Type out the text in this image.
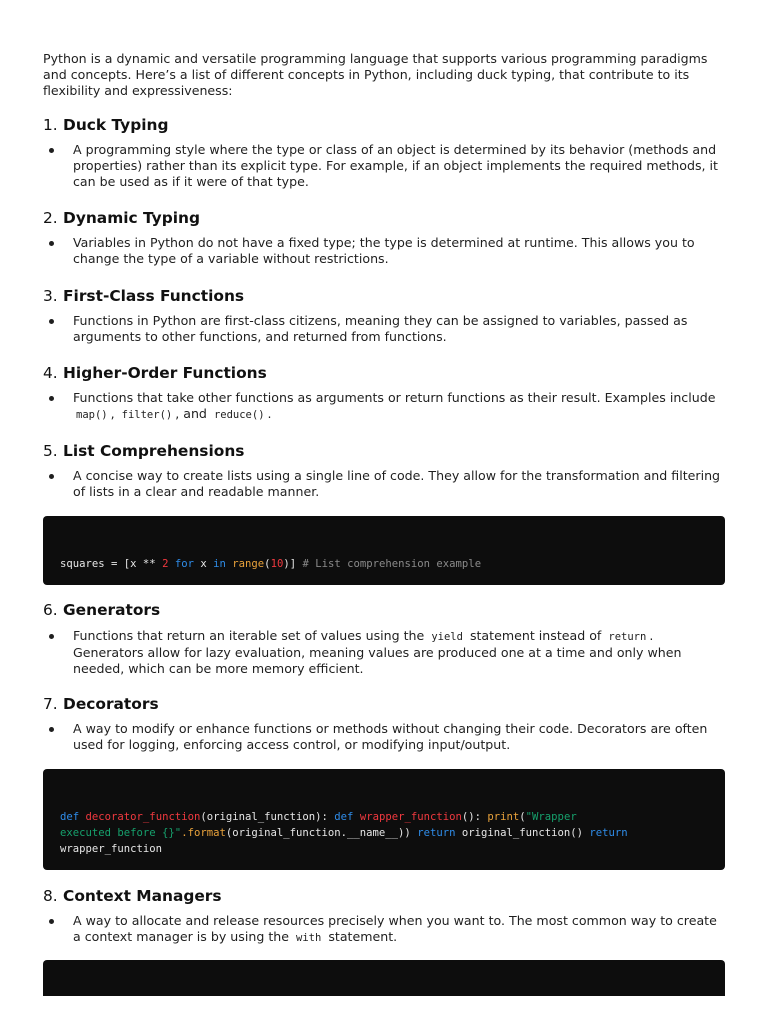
Python is a dynamic and versatile programming language that supports various programming paradigms and concepts. Here’s a list of different concepts in Python, including duck typing, that contribute to its flexibility and expressiveness:

1. Duck Typing
A programming style where the type or class of an object is determined by its behavior (methods and properties) rather than its explicit type. For example, if an object implements the required methods, it can be used as if it were of that type.
2. Dynamic Typing
Variables in Python do not have a fixed type; the type is determined at runtime. This allows you to change the type of a variable without restrictions.
3. First-Class Functions
Functions in Python are first-class citizens, meaning they can be assigned to variables, passed as arguments to other functions, and returned from functions.
4. Higher-Order Functions
Functions that take other functions as arguments or return functions as their result. Examples include map() , filter() , and reduce() .
5. List Comprehensions
A concise way to create lists using a single line of code. They allow for the transformation and filtering of lists in a clear and readable manner.
squares = [x ** 2 for x in range(10)] # List comprehension example
6. Generators
Functions that return an iterable set of values using the yield statement instead of return . Generators allow for lazy evaluation, meaning values are produced one at a time and only when needed, which can be more memory efficient.
7. Decorators
A way to modify or enhance functions or methods without changing their code. Decorators are often used for logging, enforcing access control, or modifying input/output.
def decorator_function(original_function): def wrapper_function(): print("Wrapper
executed before {}".format(original_function.__name__)) return original_function() return
wrapper_function
8. Context Managers
A way to allocate and release resources precisely when you want to. The most common way to create a context manager is by using the with statement.
